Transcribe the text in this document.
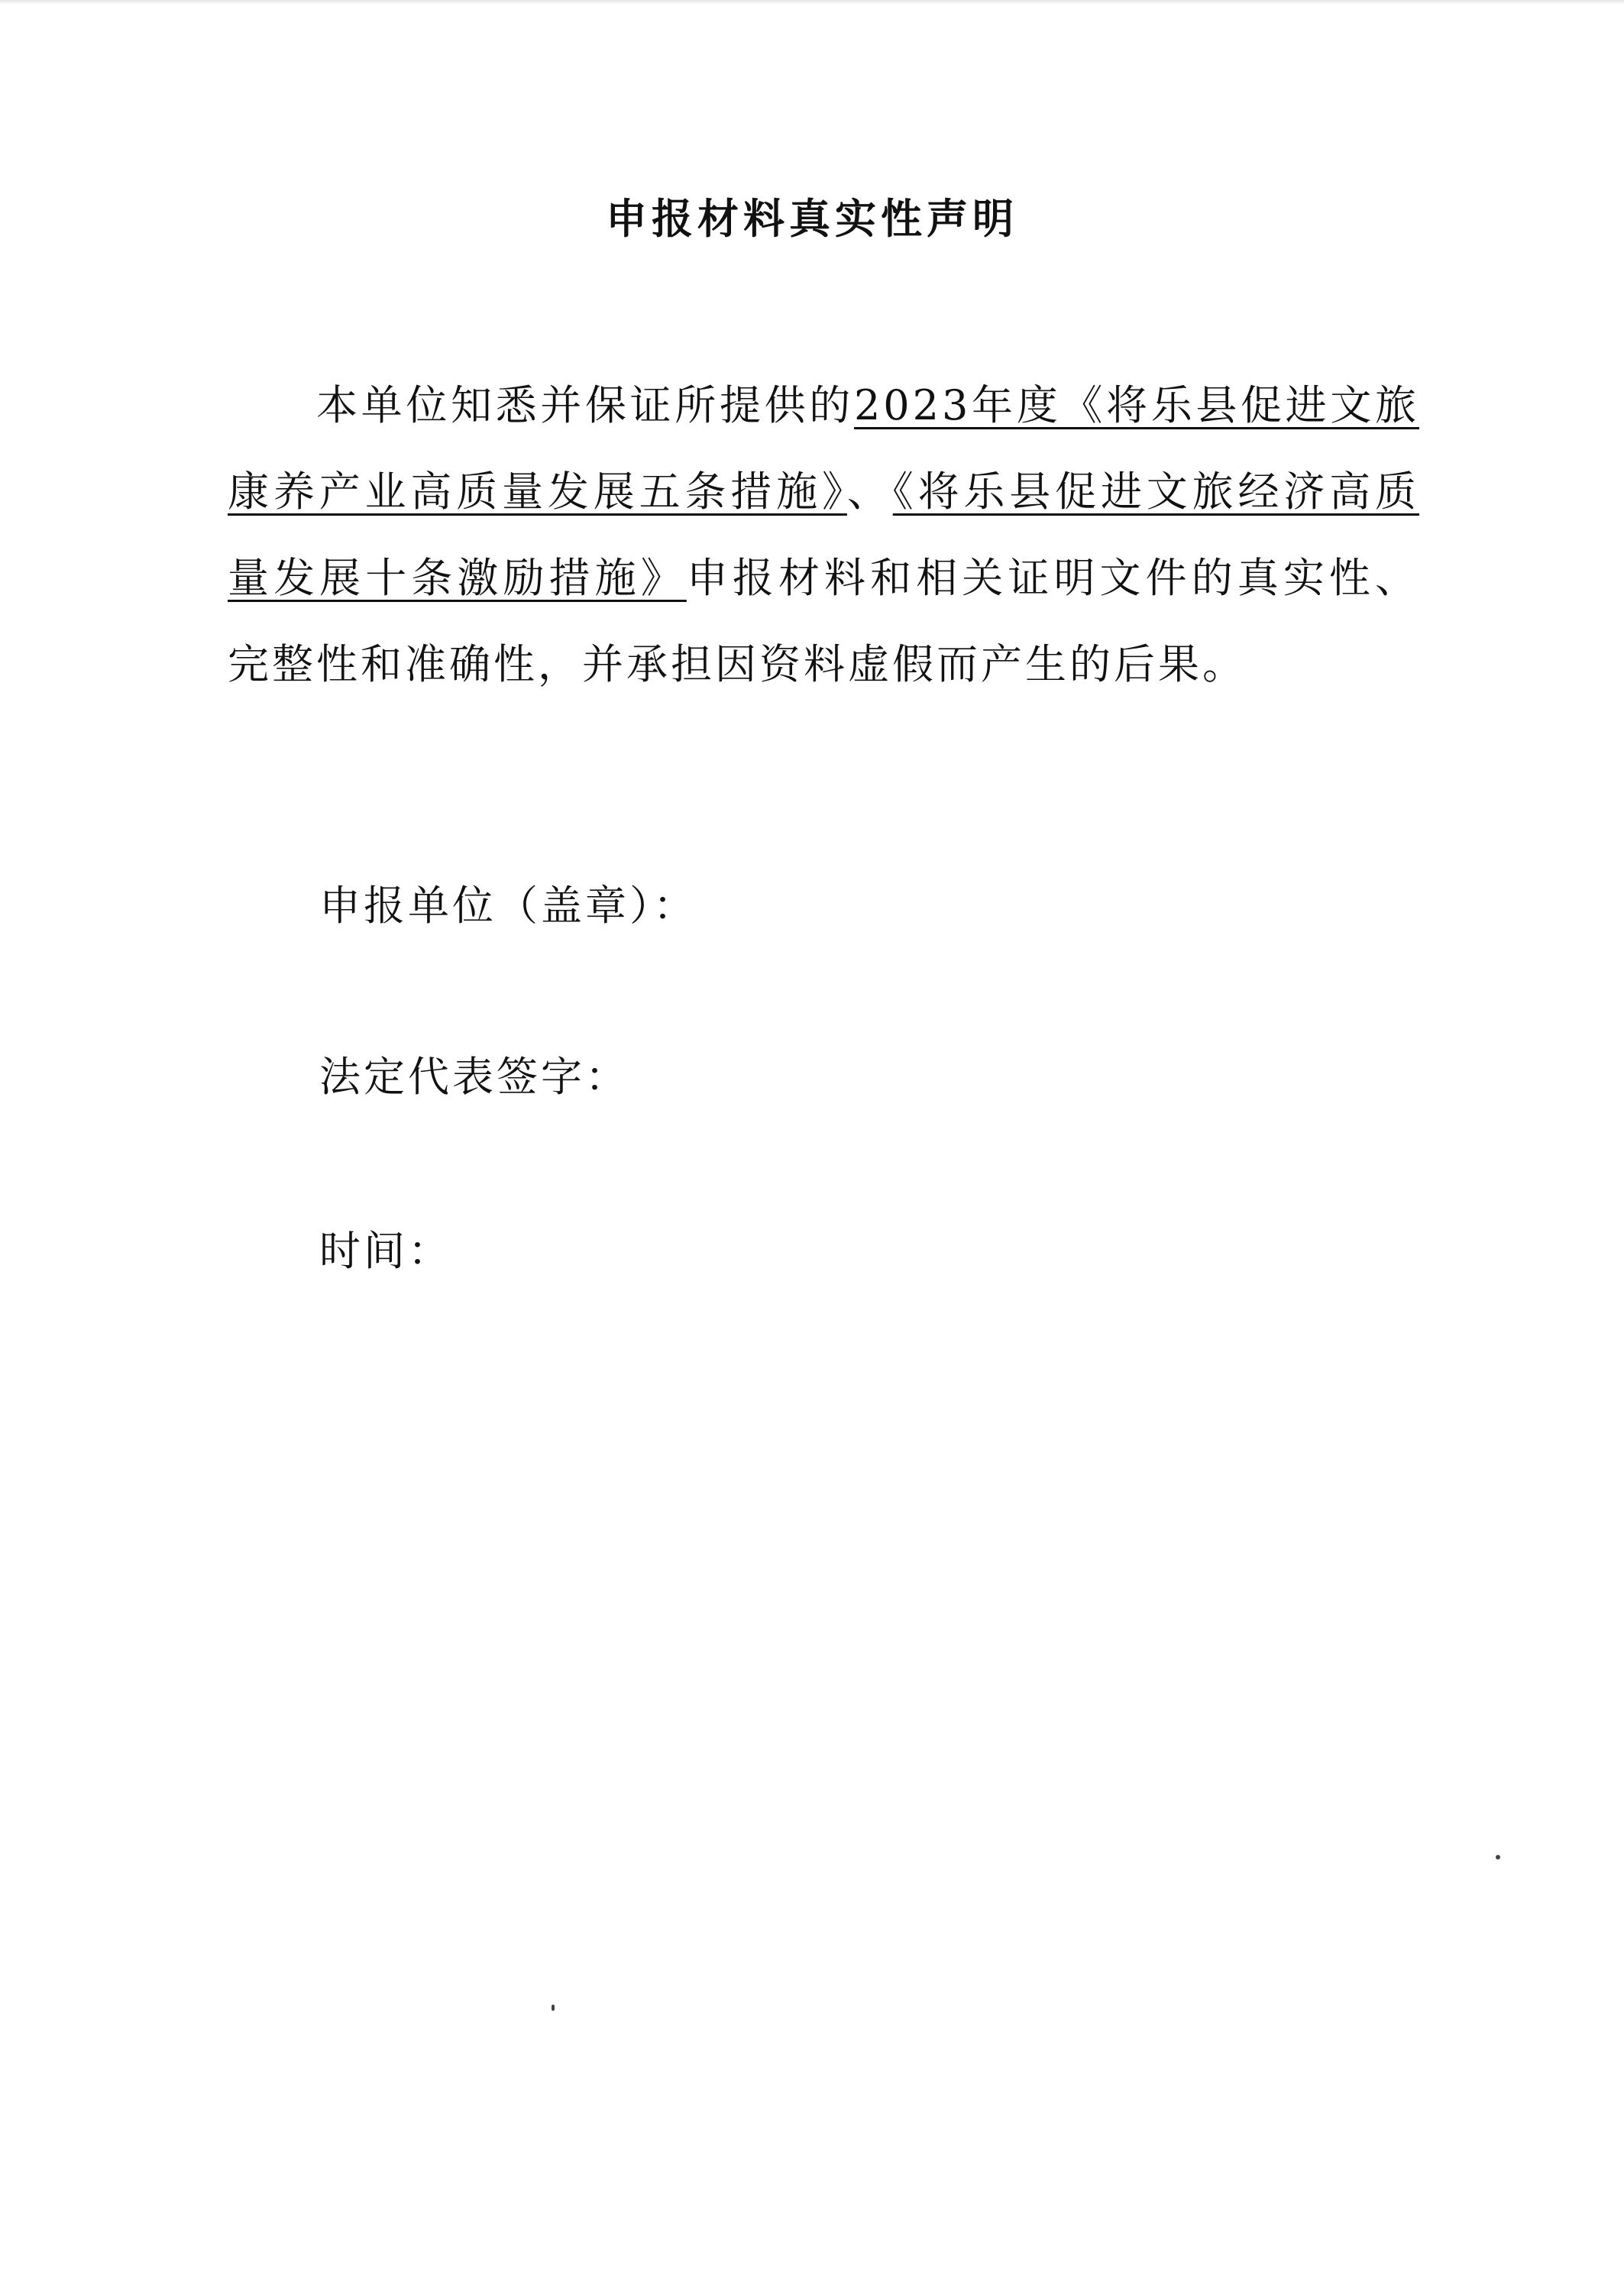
申报材料真实性声明
本单位知悉并保证所提供的2023年度《将乐县促进文旅康养产业高质量发展五条措施》、《将乐县促进文旅经济高质量发展十条激励措施》申报材料和相关证明文件的真实性、完整性和准确性，并承担因资料虚假而产生的后果。
申报单位（盖章）：
法定代表签字：
时间：
